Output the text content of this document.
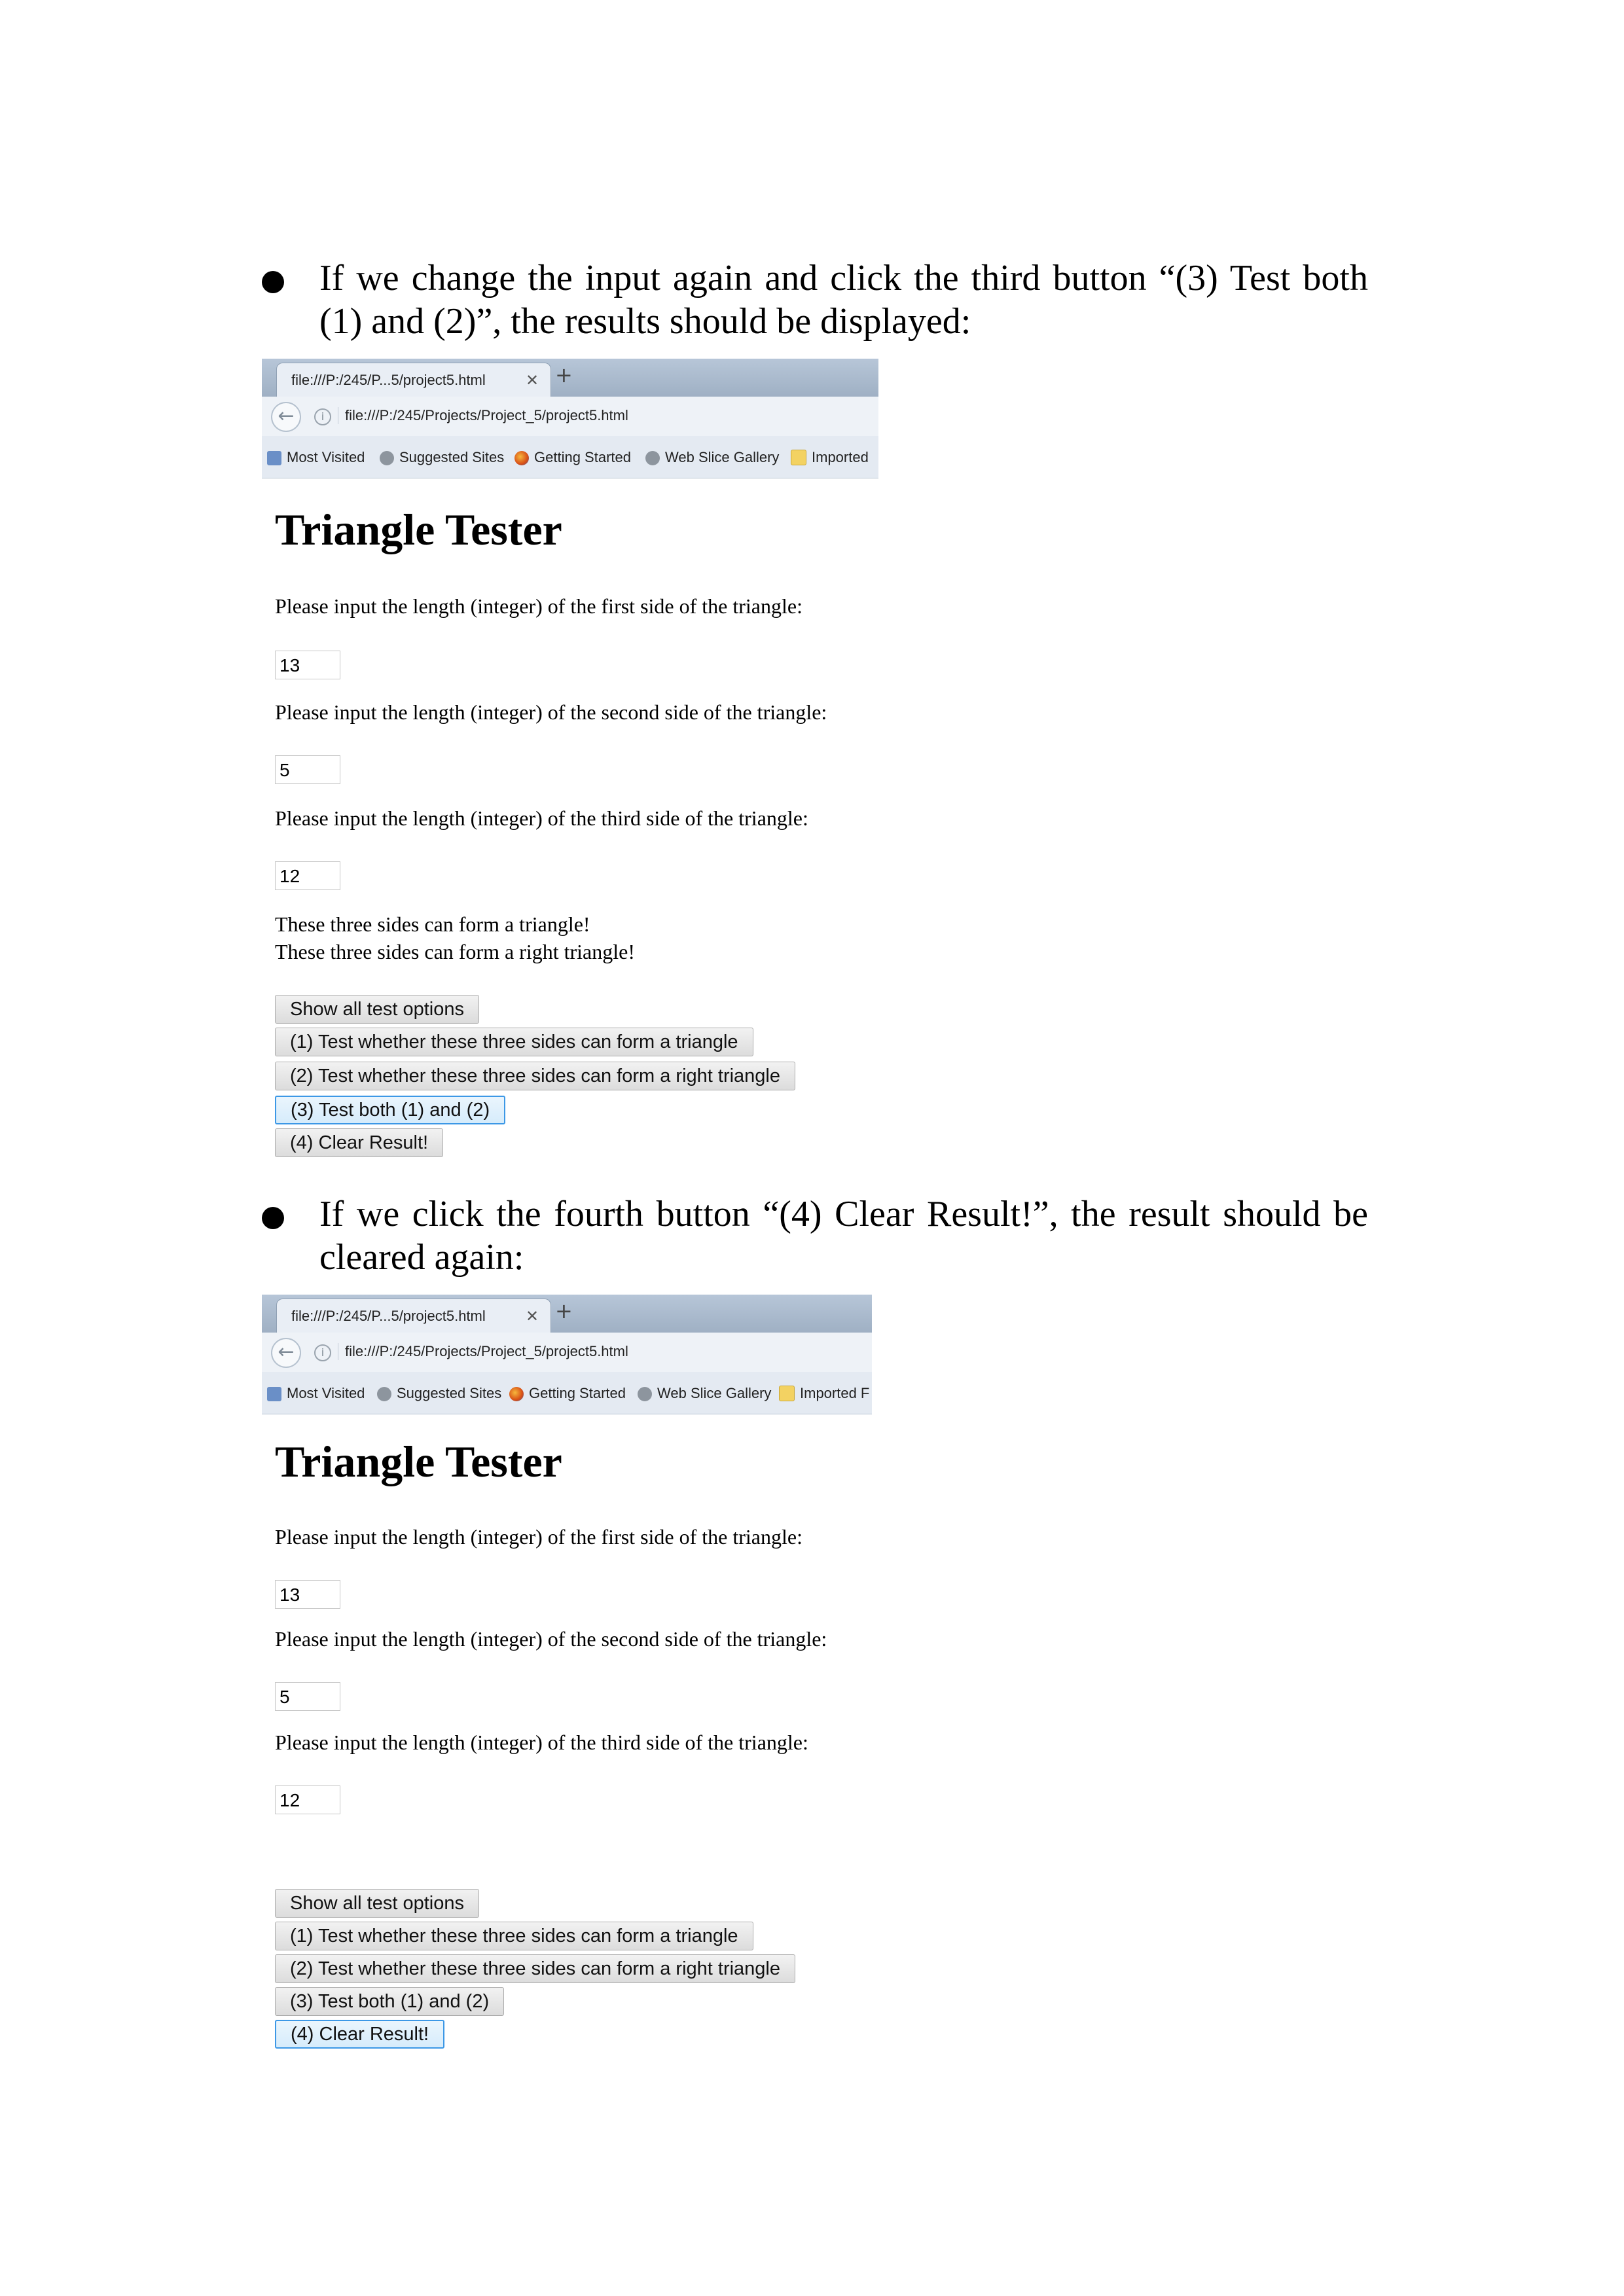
If we change the input again and click the third button “(3) Test both (1) and (2)”, the results should be displayed:
file:///P:/245/P...5/project5.html	✕ +
←	i	file:///P:/245/Projects/Project_5/project5.html
Most Visited	Suggested Sites	Getting Started	Web Slice Gallery	Imported
Triangle Tester
Please input the length (integer) of the first side of the triangle:
13
Please input the length (integer) of the second side of the triangle:
5
Please input the length (integer) of the third side of the triangle:
12
These three sides can form a triangle!
These three sides can form a right triangle!
Show all test options
(1) Test whether these three sides can form a triangle
(2) Test whether these three sides can form a right triangle
(3) Test both (1) and (2)
(4) Clear Result!
If we click the fourth button “(4) Clear Result!”, the result should be cleared again:
file:///P:/245/P...5/project5.html	✕ +
←	i	file:///P:/245/Projects/Project_5/project5.html
Most Visited	Suggested Sites	Getting Started	Web Slice Gallery	Imported F
Triangle Tester
Please input the length (integer) of the first side of the triangle:
13
Please input the length (integer) of the second side of the triangle:
5
Please input the length (integer) of the third side of the triangle:
12
Show all test options
(1) Test whether these three sides can form a triangle
(2) Test whether these three sides can form a right triangle
(3) Test both (1) and (2)
(4) Clear Result!
